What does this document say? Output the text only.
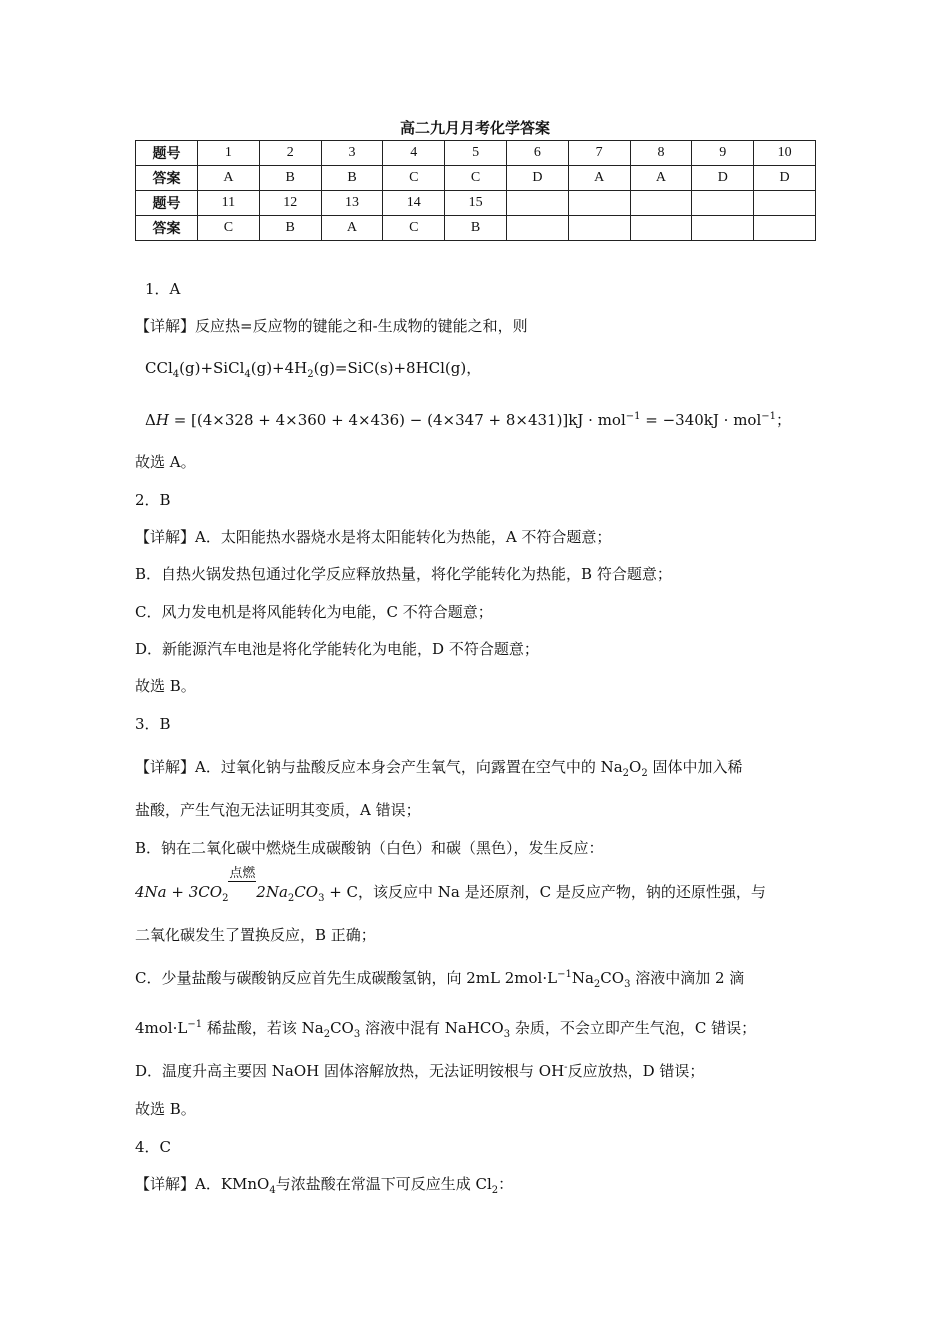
高二九月月考化学答案
题号	1	2	3	4	5	6	7	8	9	10
答案	A	B	B	C	C	D	A	A	D	D
题号	11	12	13	14	15					
答案	C	B	A	C	B					
1．A
【详解】反应热=反应物的键能之和-生成物的键能之和，则
$CCl_4(g)+SiCl_4(g)+4H_2(g)=SiC(s)+8HCl(g)$，
ΔH = [(4×328 + 4×360 + 4×436) − (4×347 + 8×431)]kJ · mol$^{-1}$ = −340kJ · mol$^{-1}$；
故选 A。
2．B
【详解】A．太阳能热水器烧水是将太阳能转化为热能，A 不符合题意；
B．自热火锅发热包通过化学反应释放热量，将化学能转化为热能，B 符合题意；
C．风力发电机是将风能转化为电能，C 不符合题意；
D．新能源汽车电池是将化学能转化为电能，D 不符合题意；
故选 B。
3．B
【详解】A．过氧化钠与盐酸反应本身会产生氧气，向露置在空气中的 $Na_2O_2$ 固体中加入稀
盐酸，产生气泡无法证明其变质，A 错误；
B．钠在二氧化碳中燃烧生成碳酸钠（白色）和碳（黑色），发生反应：
$4Na + 3CO_2$
点燃
$2Na_2CO_3 + C$，该反应中 Na 是还原剂，C 是反应产物，钠的还原性强，与
二氧化碳发生了置换反应，B 正确；
C．少量盐酸与碳酸钠反应首先生成碳酸氢钠，向 2mL $2mol\cdot L^{-1}Na_2CO_3$ 溶液中滴加 2 滴
$4mol\cdot L^{-1}$ 稀盐酸，若该 $Na_2CO_3$ 溶液中混有 NaHCO$_3$ 杂质，不会立即产生气泡，C 错误；
D．温度升高主要因 NaOH 固体溶解放热，无法证明铵根与 OH-反应放热，D 错误；
故选 B。
4．C
【详解】A．KMnO$_4$与浓盐酸在常温下可反应生成 $Cl_2$：
